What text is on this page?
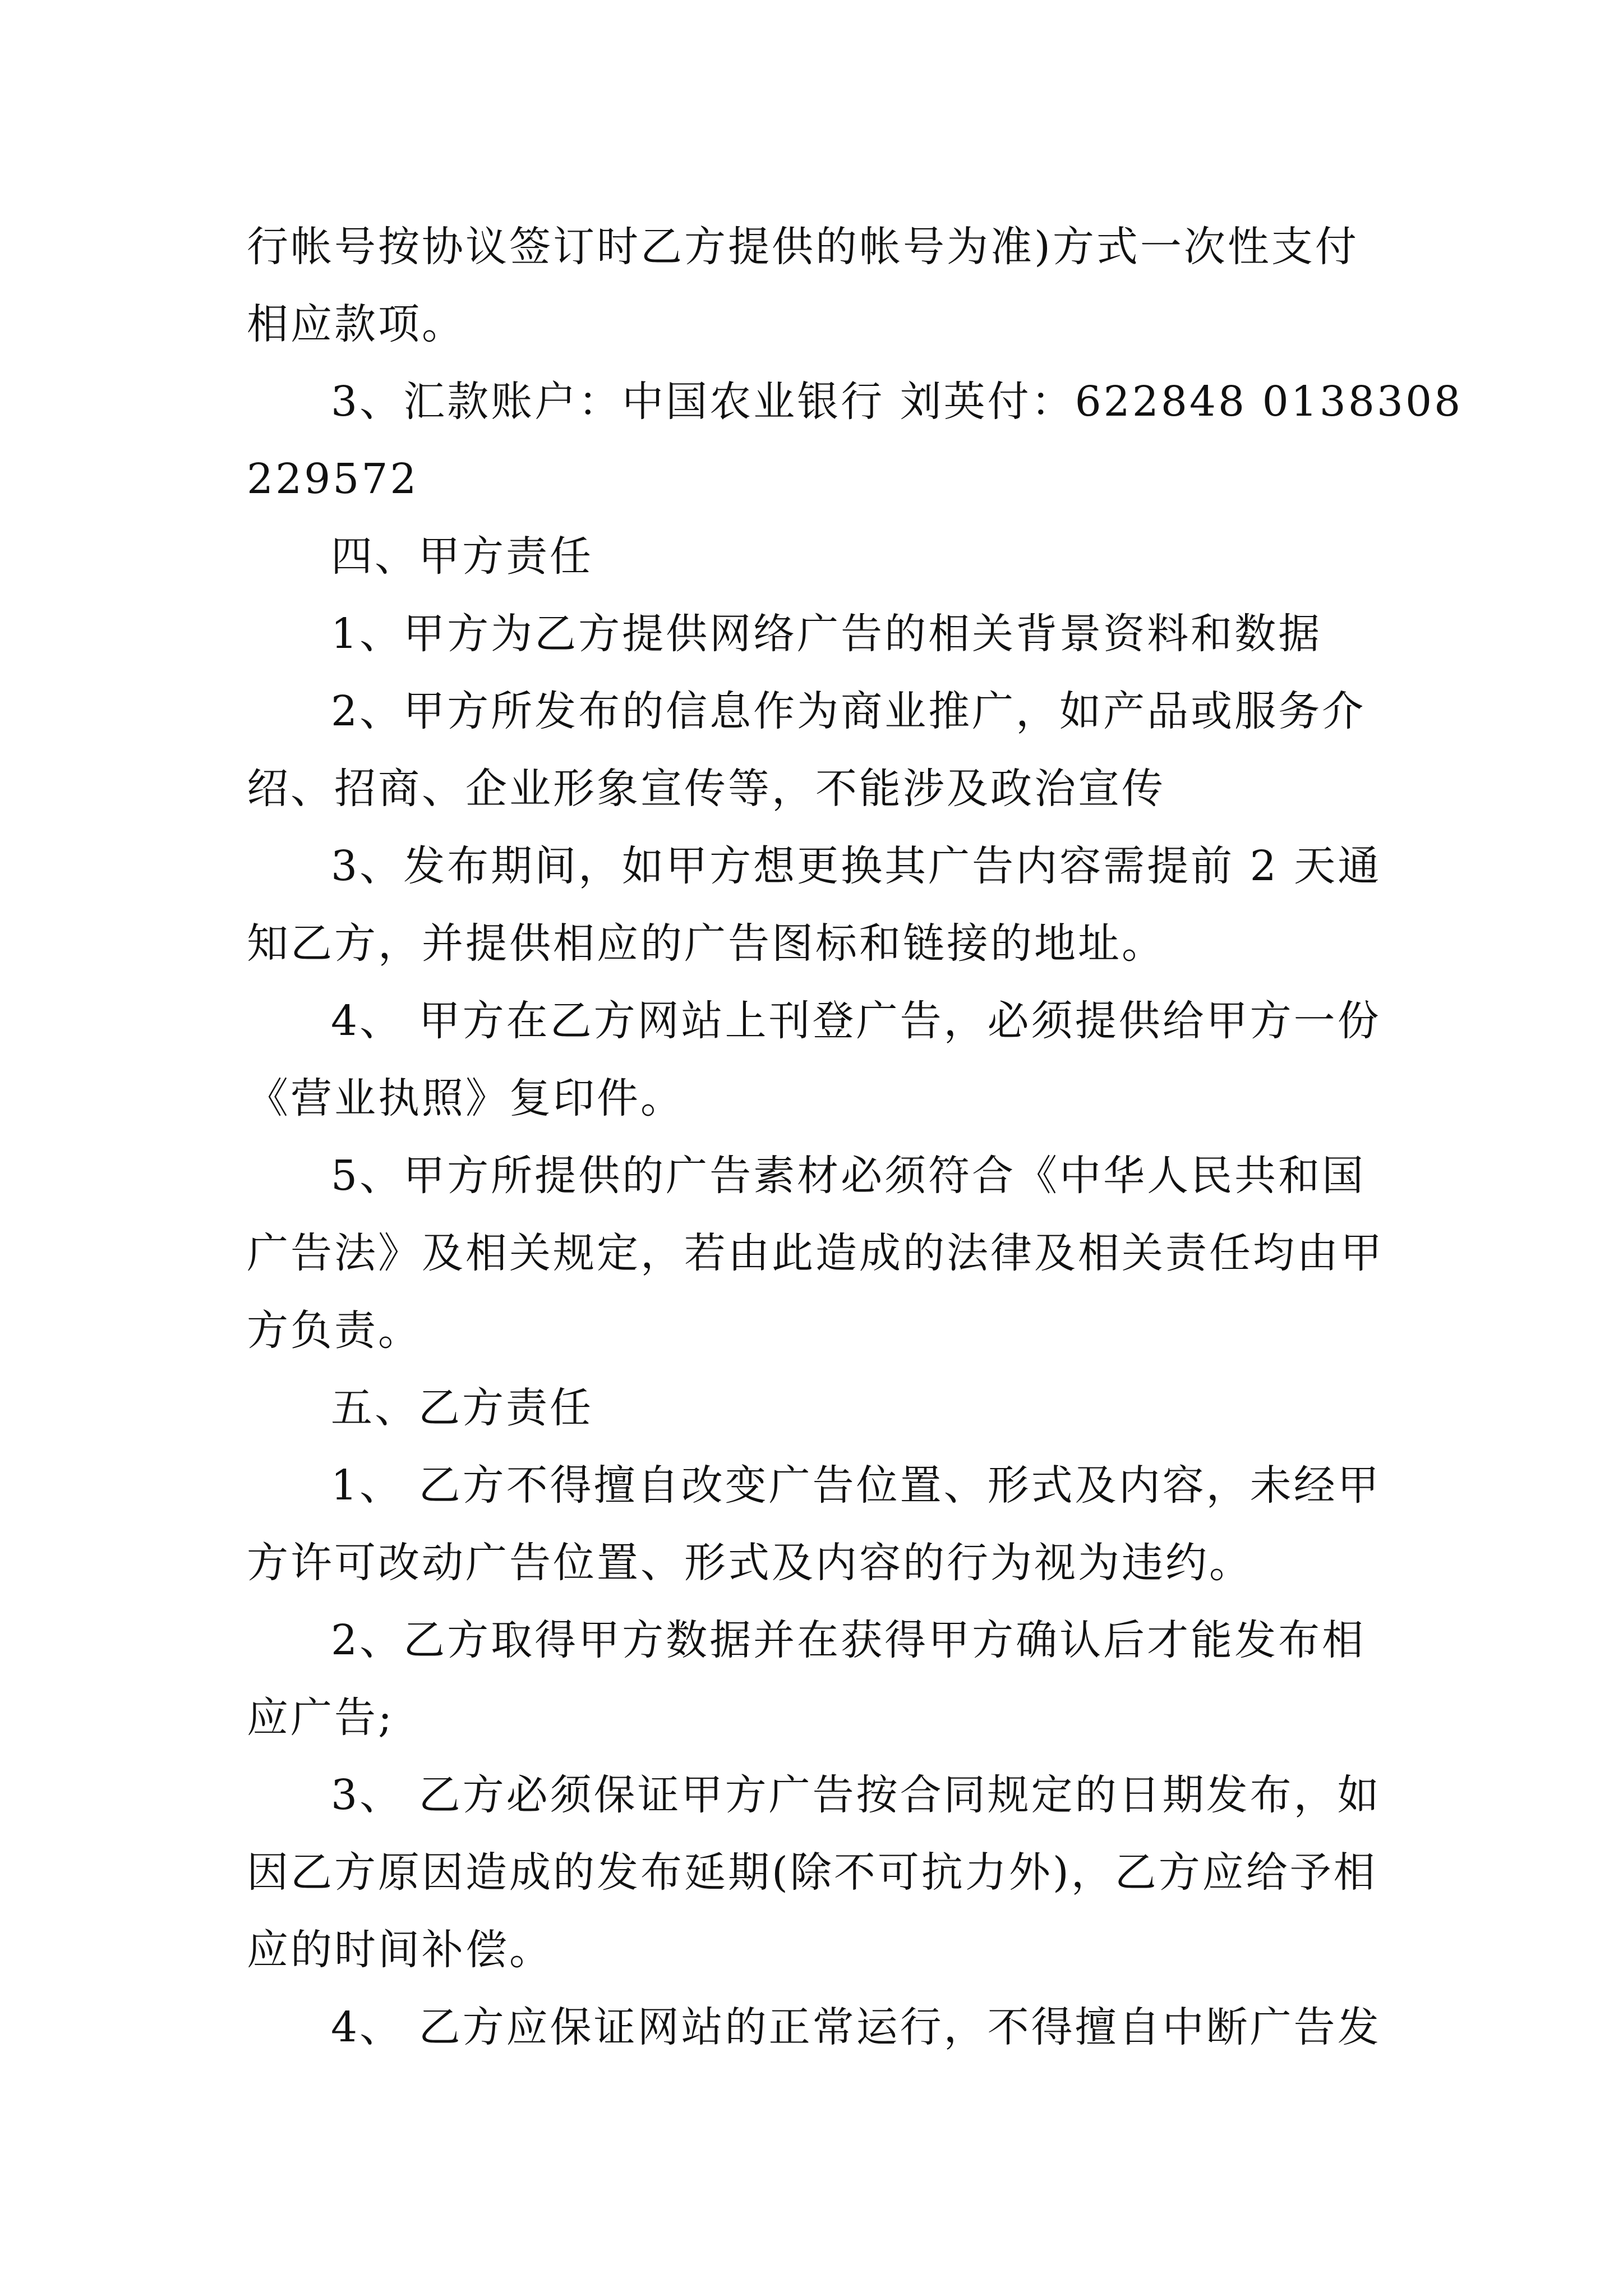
行帐号按协议签订时乙方提供的帐号为准)方式一次性支付
相应款项。
3、汇款账户：中国农业银行 刘英付：622848 0138308
229572
四、甲方责任
1、甲方为乙方提供网络广告的相关背景资料和数据
2、甲方所发布的信息作为商业推广，如产品或服务介
绍、招商、企业形象宣传等，不能涉及政治宣传
3、发布期间，如甲方想更换其广告内容需提前 2 天通
知乙方，并提供相应的广告图标和链接的地址。
4、 甲方在乙方网站上刊登广告，必须提供给甲方一份
《营业执照》复印件。
5、甲方所提供的广告素材必须符合《中华人民共和国
广告法》及相关规定，若由此造成的法律及相关责任均由甲
方负责。
五、乙方责任
1、 乙方不得擅自改变广告位置、形式及内容，未经甲
方许可改动广告位置、形式及内容的行为视为违约。
2、乙方取得甲方数据并在获得甲方确认后才能发布相
应广告;
3、 乙方必须保证甲方广告按合同规定的日期发布，如
因乙方原因造成的发布延期(除不可抗力外)，乙方应给予相
应的时间补偿。
4、 乙方应保证网站的正常运行，不得擅自中断广告发
